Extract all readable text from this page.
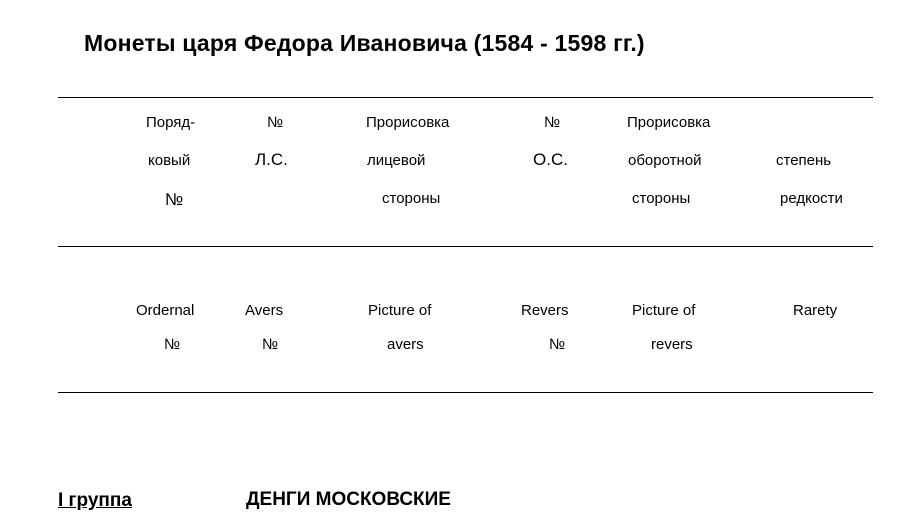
Монеты царя Федора Ивановича (1584 - 1598 гг.)
Поряд-
ковый
№
№
Л.С.
Прорисовка
лицевой
стороны
№
О.С.
Прорисовка
оборотной
стороны
степень
редкости
Ordernal
№
Avers
№
Picture of
avers
Revers
№
Picture of
revers
Rarety
I группа	ДЕНГИ МОСКОВСКИЕ
